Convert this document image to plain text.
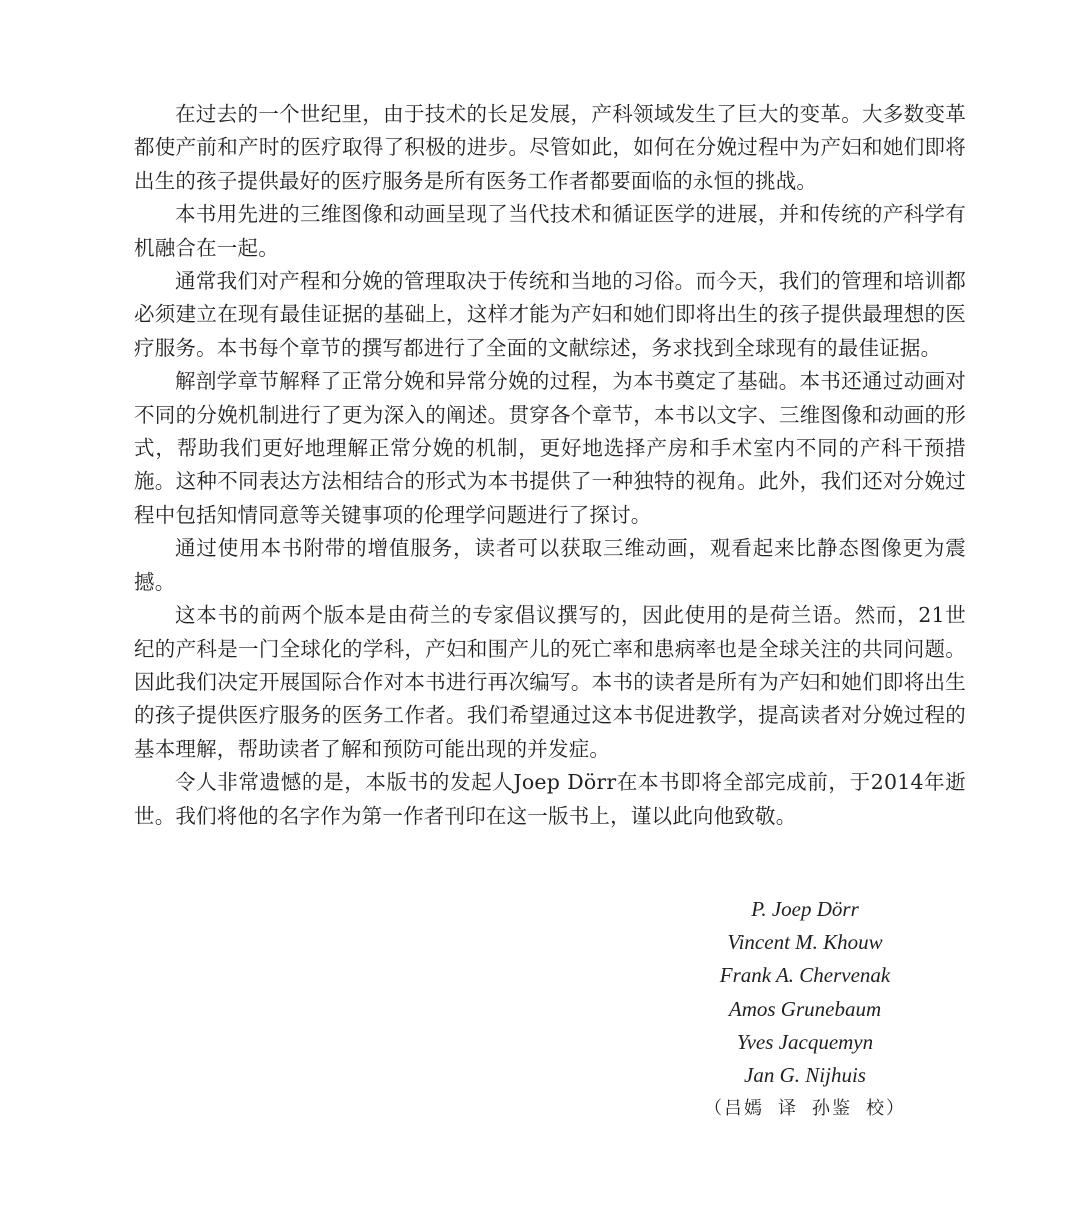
在过去的一个世纪里，由于技术的长足发展，产科领域发生了巨大的变革。大多数变革都使产前和产时的医疗取得了积极的进步。尽管如此，如何在分娩过程中为产妇和她们即将出生的孩子提供最好的医疗服务是所有医务工作者都要面临的永恒的挑战。

本书用先进的三维图像和动画呈现了当代技术和循证医学的进展，并和传统的产科学有机融合在一起。

通常我们对产程和分娩的管理取决于传统和当地的习俗。而今天，我们的管理和培训都必须建立在现有最佳证据的基础上，这样才能为产妇和她们即将出生的孩子提供最理想的医疗服务。本书每个章节的撰写都进行了全面的文献综述，务求找到全球现有的最佳证据。

解剖学章节解释了正常分娩和异常分娩的过程，为本书奠定了基础。本书还通过动画对不同的分娩机制进行了更为深入的阐述。贯穿各个章节，本书以文字、三维图像和动画的形式，帮助我们更好地理解正常分娩的机制，更好地选择产房和手术室内不同的产科干预措施。这种不同表达方法相结合的形式为本书提供了一种独特的视角。此外，我们还对分娩过程中包括知情同意等关键事项的伦理学问题进行了探讨。

通过使用本书附带的增值服务，读者可以获取三维动画，观看起来比静态图像更为震撼。

这本书的前两个版本是由荷兰的专家倡议撰写的，因此使用的是荷兰语。然而，21世纪的产科是一门全球化的学科，产妇和围产儿的死亡率和患病率也是全球关注的共同问题。因此我们决定开展国际合作对本书进行再次编写。本书的读者是所有为产妇和她们即将出生的孩子提供医疗服务的医务工作者。我们希望通过这本书促进教学，提高读者对分娩过程的基本理解，帮助读者了解和预防可能出现的并发症。

令人非常遗憾的是，本版书的发起人Joep Dörr在本书即将全部完成前，于2014年逝世。我们将他的名字作为第一作者刊印在这一版书上，谨以此向他致敬。

P. Joep Dörr
Vincent M. Khouw
Frank A. Chervenak
Amos Grunebaum
Yves Jacquemyn
Jan G. Nijhuis
（吕嫣 译 孙鉴 校）
